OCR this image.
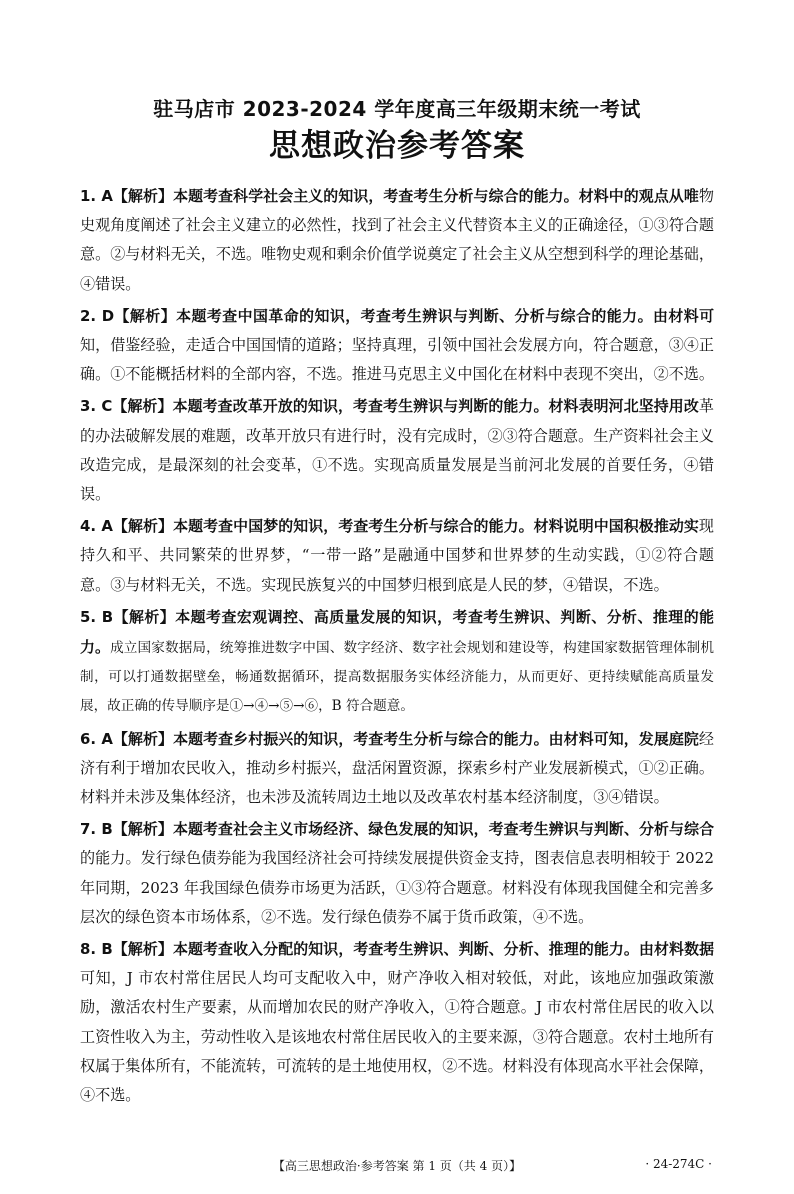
驻马店市 2023-2024 学年度高三年级期末统一考试
思想政治参考答案

1. A【解析】本题考查科学社会主义的知识，考查考生分析与综合的能力。材料中的观点从唯物史观角度阐述了社会主义建立的必然性，找到了社会主义代替资本主义的正确途径，①③符合题意。②与材料无关，不选。唯物史观和剩余价值学说奠定了社会主义从空想到科学的理论基础，④错误。

2. D【解析】本题考查中国革命的知识，考查考生辨识与判断、分析与综合的能力。由材料可知，借鉴经验，走适合中国国情的道路；坚持真理，引领中国社会发展方向，符合题意，③④正确。①不能概括材料的全部内容，不选。推进马克思主义中国化在材料中表现不突出，②不选。

3. C【解析】本题考查改革开放的知识，考查考生辨识与判断的能力。材料表明河北坚持用改革的办法破解发展的难题，改革开放只有进行时，没有完成时，②③符合题意。生产资料社会主义改造完成，是最深刻的社会变革，①不选。实现高质量发展是当前河北发展的首要任务，④错误。

4. A【解析】本题考查中国梦的知识，考查考生分析与综合的能力。材料说明中国积极推动实现持久和平、共同繁荣的世界梦，“一带一路”是融通中国梦和世界梦的生动实践，①②符合题意。③与材料无关，不选。实现民族复兴的中国梦归根到底是人民的梦，④错误，不选。

5. B【解析】本题考查宏观调控、高质量发展的知识，考查考生辨识、判断、分析、推理的能力。成立国家数据局，统筹推进数字中国、数字经济、数字社会规划和建设等，构建国家数据管理体制机制，可以打通数据壁垒，畅通数据循环，提高数据服务实体经济能力，从而更好、更持续赋能高质量发展，故正确的传导顺序是①→④→⑤→⑥，B 符合题意。

6. A【解析】本题考查乡村振兴的知识，考查考生分析与综合的能力。由材料可知，发展庭院经济有利于增加农民收入，推动乡村振兴，盘活闲置资源，探索乡村产业发展新模式，①②正确。材料并未涉及集体经济，也未涉及流转周边土地以及改革农村基本经济制度，③④错误。

7. B【解析】本题考查社会主义市场经济、绿色发展的知识，考查考生辨识与判断、分析与综合的能力。发行绿色债券能为我国经济社会可持续发展提供资金支持，图表信息表明相较于 2022 年同期，2023 年我国绿色债券市场更为活跃，①③符合题意。材料没有体现我国健全和完善多层次的绿色资本市场体系，②不选。发行绿色债券不属于货币政策，④不选。

8. B【解析】本题考查收入分配的知识，考查考生辨识、判断、分析、推理的能力。由材料数据可知，J 市农村常住居民人均可支配收入中，财产净收入相对较低，对此，该地应加强政策激励，激活农村生产要素，从而增加农民的财产净收入，①符合题意。J 市农村常住居民的收入以工资性收入为主，劳动性收入是该地农村常住居民收入的主要来源，③符合题意。农村土地所有权属于集体所有，不能流转，可流转的是土地使用权，②不选。材料没有体现高水平社会保障，④不选。

【高三思想政治·参考答案 第 1 页（共 4 页）】	· 24-274C ·
